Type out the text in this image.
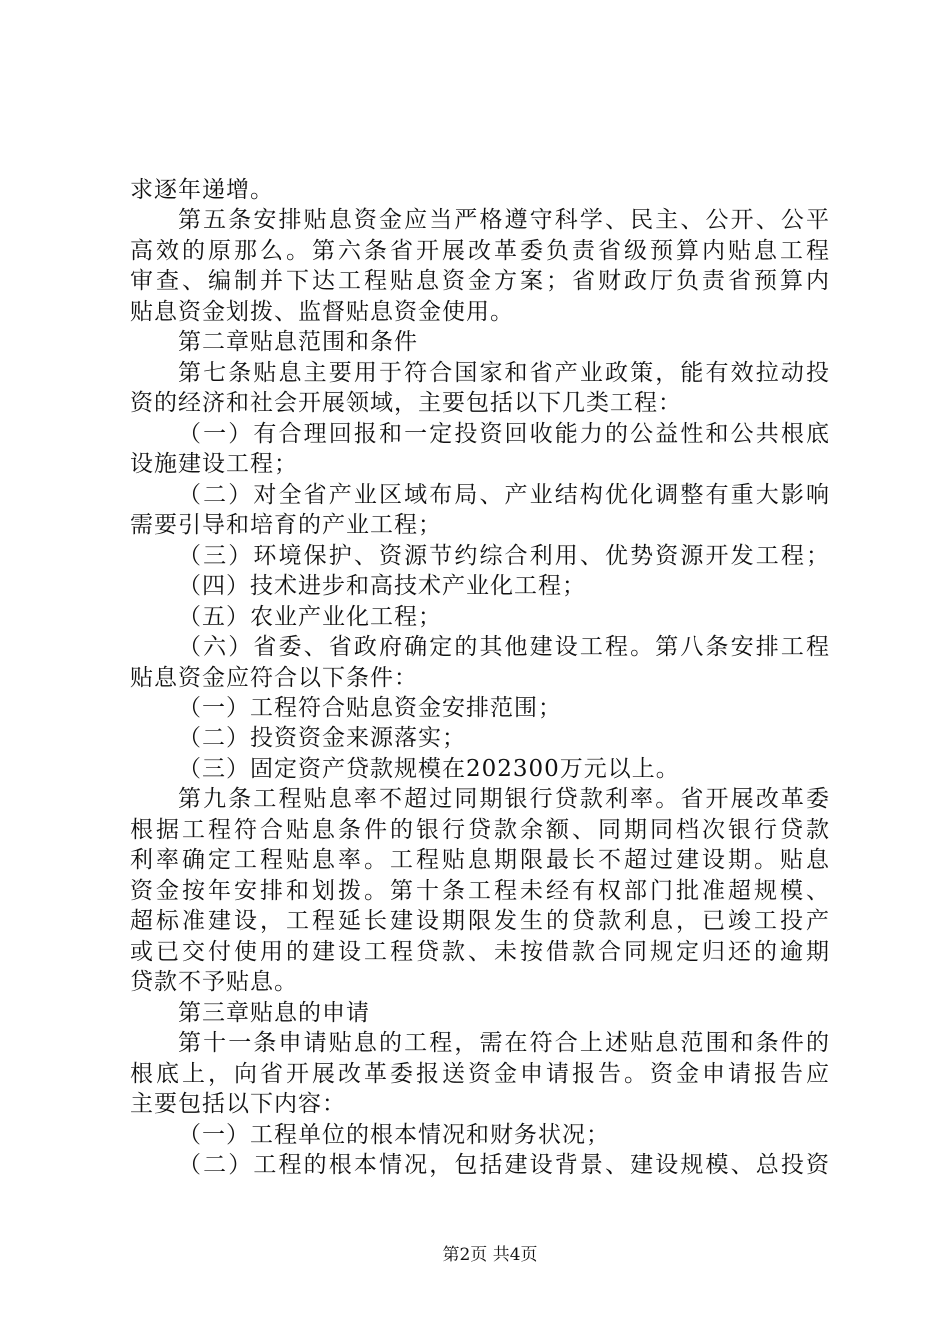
求逐年递增。
第五条安排贴息资金应当严格遵守科学、民主、公开、公平
高效的原那么。第六条省开展改革委负责省级预算内贴息工程
审查、编制并下达工程贴息资金方案；省财政厅负责省预算内
贴息资金划拨、监督贴息资金使用。
第二章贴息范围和条件
第七条贴息主要用于符合国家和省产业政策，能有效拉动投
资的经济和社会开展领域，主要包括以下几类工程：
（一）有合理回报和一定投资回收能力的公益性和公共根底
设施建设工程；
（二）对全省产业区域布局、产业结构优化调整有重大影响
需要引导和培育的产业工程；
（三）环境保护、资源节约综合利用、优势资源开发工程；
（四）技术进步和高技术产业化工程；
（五）农业产业化工程；
（六）省委、省政府确定的其他建设工程。第八条安排工程
贴息资金应符合以下条件：
（一）工程符合贴息资金安排范围；
（二）投资资金来源落实；
（三）固定资产贷款规模在202300万元以上。
第九条工程贴息率不超过同期银行贷款利率。省开展改革委
根据工程符合贴息条件的银行贷款余额、同期同档次银行贷款
利率确定工程贴息率。工程贴息期限最长不超过建设期。贴息
资金按年安排和划拨。第十条工程未经有权部门批准超规模、
超标准建设，工程延长建设期限发生的贷款利息，已竣工投产
或已交付使用的建设工程贷款、未按借款合同规定归还的逾期
贷款不予贴息。
第三章贴息的申请
第十一条申请贴息的工程，需在符合上述贴息范围和条件的
根底上，向省开展改革委报送资金申请报告。资金申请报告应
主要包括以下内容：
（一）工程单位的根本情况和财务状况；
（二）工程的根本情况，包括建设背景、建设规模、总投资
第2页 共4页
